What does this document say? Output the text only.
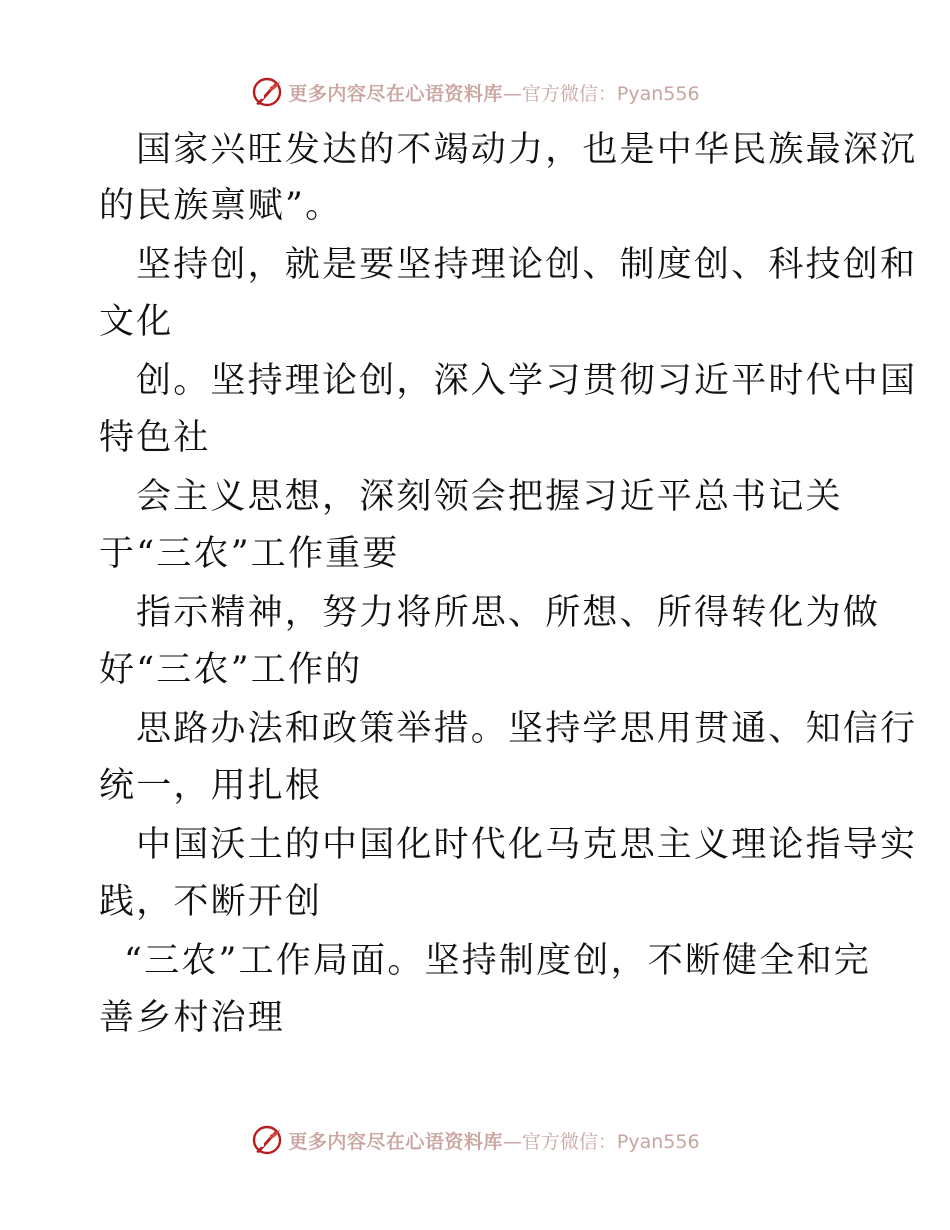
更多内容尽在心语资料库 —官方微信：Pyan556
国家兴旺发达的不竭动力，也是中华民族最深沉
的民族禀赋”。
坚持创，就是要坚持理论创、制度创、科技创和
文化
创。坚持理论创，深入学习贯彻习近平时代中国
特色社
会主义思想，深刻领会把握习近平总书记关
于“三农”工作重要
指示精神，努力将所思、所想、所得转化为做
好“三农”工作的
思路办法和政策举措。坚持学思用贯通、知信行
统一，用扎根
中国沃土的中国化时代化马克思主义理论指导实
践，不断开创
“三农”工作局面。坚持制度创，不断健全和完
善乡村治理
更多内容尽在心语资料库 —官方微信：Pyan556
